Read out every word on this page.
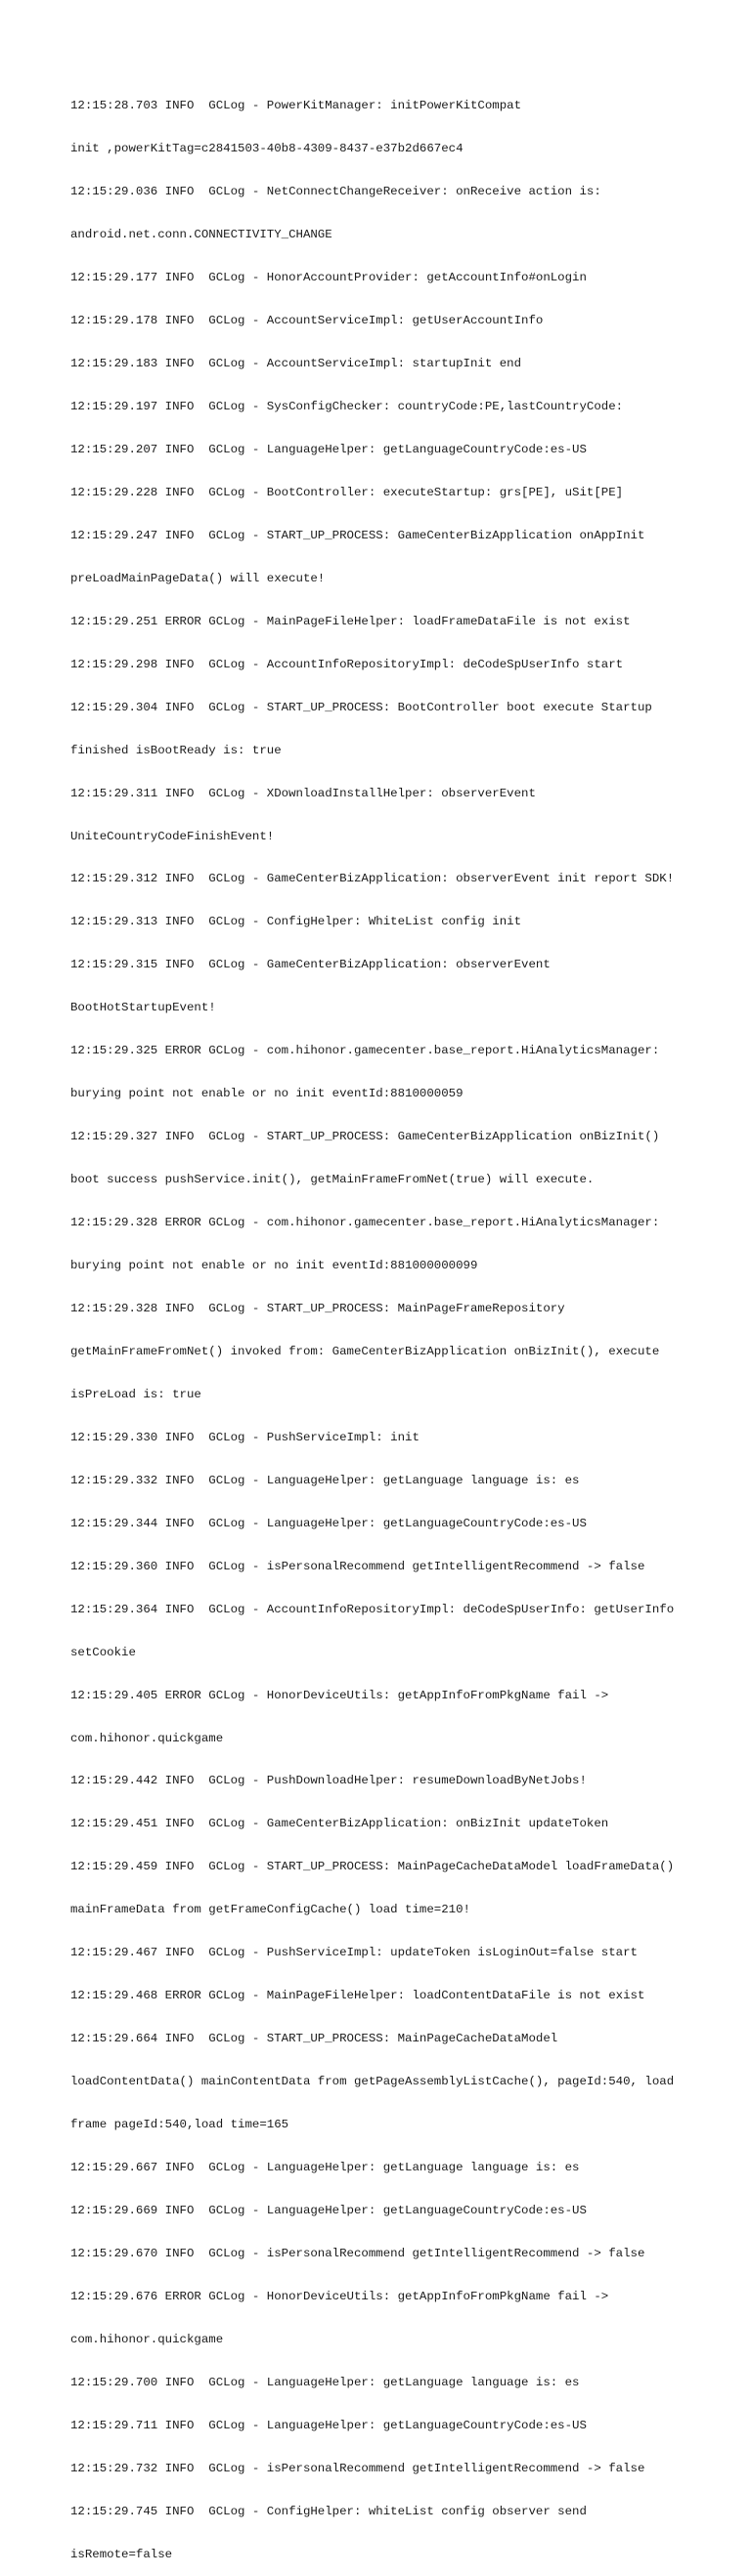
12:15:28.703 INFO  GCLog - PowerKitManager: initPowerKitCompat

init ,powerKitTag=c2841503-40b8-4309-8437-e37b2d667ec4

12:15:29.036 INFO  GCLog - NetConnectChangeReceiver: onReceive action is:

android.net.conn.CONNECTIVITY_CHANGE

12:15:29.177 INFO  GCLog - HonorAccountProvider: getAccountInfo#onLogin

12:15:29.178 INFO  GCLog - AccountServiceImpl: getUserAccountInfo

12:15:29.183 INFO  GCLog - AccountServiceImpl: startupInit end

12:15:29.197 INFO  GCLog - SysConfigChecker: countryCode:PE,lastCountryCode:

12:15:29.207 INFO  GCLog - LanguageHelper: getLanguageCountryCode:es-US

12:15:29.228 INFO  GCLog - BootController: executeStartup: grs[PE], uSit[PE]

12:15:29.247 INFO  GCLog - START_UP_PROCESS: GameCenterBizApplication onAppInit

preLoadMainPageData() will execute!

12:15:29.251 ERROR GCLog - MainPageFileHelper: loadFrameDataFile is not exist

12:15:29.298 INFO  GCLog - AccountInfoRepositoryImpl: deCodeSpUserInfo start

12:15:29.304 INFO  GCLog - START_UP_PROCESS: BootController boot execute Startup

finished isBootReady is: true

12:15:29.311 INFO  GCLog - XDownloadInstallHelper: observerEvent

UniteCountryCodeFinishEvent!

12:15:29.312 INFO  GCLog - GameCenterBizApplication: observerEvent init report SDK!

12:15:29.313 INFO  GCLog - ConfigHelper: WhiteList config init

12:15:29.315 INFO  GCLog - GameCenterBizApplication: observerEvent

BootHotStartupEvent!

12:15:29.325 ERROR GCLog - com.hihonor.gamecenter.base_report.HiAnalyticsManager:

burying point not enable or no init eventId:8810000059

12:15:29.327 INFO  GCLog - START_UP_PROCESS: GameCenterBizApplication onBizInit()

boot success pushService.init(), getMainFrameFromNet(true) will execute.

12:15:29.328 ERROR GCLog - com.hihonor.gamecenter.base_report.HiAnalyticsManager:

burying point not enable or no init eventId:881000000099

12:15:29.328 INFO  GCLog - START_UP_PROCESS: MainPageFrameRepository

getMainFrameFromNet() invoked from: GameCenterBizApplication onBizInit(), execute

isPreLoad is: true

12:15:29.330 INFO  GCLog - PushServiceImpl: init

12:15:29.332 INFO  GCLog - LanguageHelper: getLanguage language is: es

12:15:29.344 INFO  GCLog - LanguageHelper: getLanguageCountryCode:es-US

12:15:29.360 INFO  GCLog - isPersonalRecommend getIntelligentRecommend -> false

12:15:29.364 INFO  GCLog - AccountInfoRepositoryImpl: deCodeSpUserInfo: getUserInfo

setCookie

12:15:29.405 ERROR GCLog - HonorDeviceUtils: getAppInfoFromPkgName fail ->

com.hihonor.quickgame

12:15:29.442 INFO  GCLog - PushDownloadHelper: resumeDownloadByNetJobs!

12:15:29.451 INFO  GCLog - GameCenterBizApplication: onBizInit updateToken

12:15:29.459 INFO  GCLog - START_UP_PROCESS: MainPageCacheDataModel loadFrameData()

mainFrameData from getFrameConfigCache() load time=210!

12:15:29.467 INFO  GCLog - PushServiceImpl: updateToken isLoginOut=false start

12:15:29.468 ERROR GCLog - MainPageFileHelper: loadContentDataFile is not exist

12:15:29.664 INFO  GCLog - START_UP_PROCESS: MainPageCacheDataModel

loadContentData() mainContentData from getPageAssemblyListCache(), pageId:540, load

frame pageId:540,load time=165

12:15:29.667 INFO  GCLog - LanguageHelper: getLanguage language is: es

12:15:29.669 INFO  GCLog - LanguageHelper: getLanguageCountryCode:es-US

12:15:29.670 INFO  GCLog - isPersonalRecommend getIntelligentRecommend -> false

12:15:29.676 ERROR GCLog - HonorDeviceUtils: getAppInfoFromPkgName fail ->

com.hihonor.quickgame

12:15:29.700 INFO  GCLog - LanguageHelper: getLanguage language is: es

12:15:29.711 INFO  GCLog - LanguageHelper: getLanguageCountryCode:es-US

12:15:29.732 INFO  GCLog - isPersonalRecommend getIntelligentRecommend -> false

12:15:29.745 INFO  GCLog - ConfigHelper: whiteList config observer send

isRemote=false
